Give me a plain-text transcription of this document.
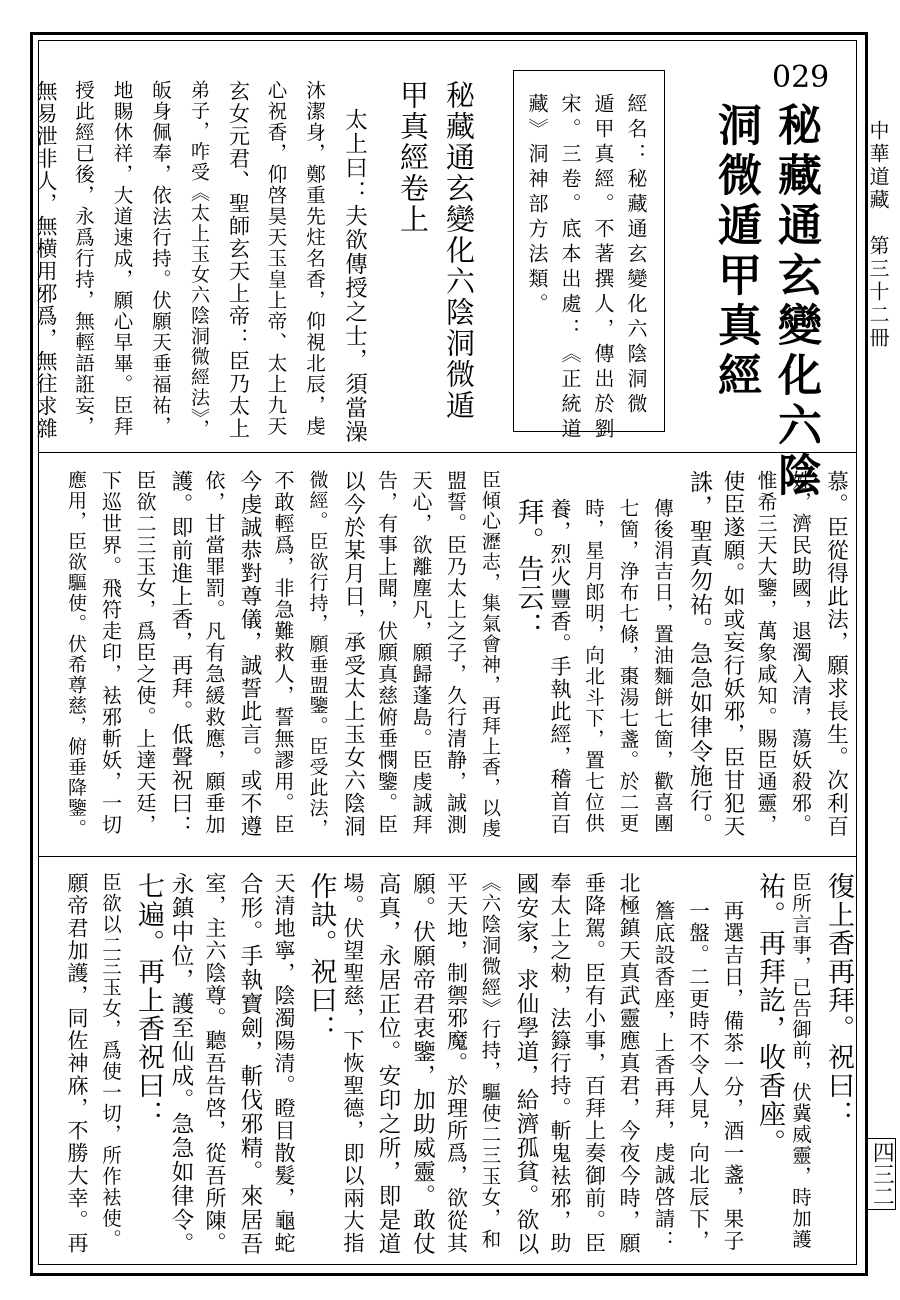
中華道藏　第三十二冊
四三二
029
秘藏通玄變化六陰
洞微遁甲真經
經名：秘藏通玄變化六陰洞微
遁甲真經。不著撰人，傳出於劉
宋。三卷。底本出處：《正統道
藏》洞神部方法類。
秘藏通玄變化六陰洞微遁
甲真經卷上
太上曰：夫欲傳授之士，須當澡
沐潔身，鄭重先炷名香，仰視北辰，虔
心祝香，仰啓昊天玉皇上帝、太上九天
玄女元君、聖師玄天上帝：臣乃太上
弟子，咋受《太上玉女六陰洞微經法》，
皈身佩奉，依法行持。伏願天垂福祐，
地賜休祥，大道速成，願心早畢。臣拜
授此經已後，永爲行持，無輕語誑妄，
無易泄非人，無横用邪爲，無往求雜
慕。臣從得此法，願求長生。次利百
姓，濟民助國，退濁入清，蕩妖殺邪。
惟希三天大鑒，萬象咸知。賜臣通靈，
使臣遂願。如或妄行妖邪，臣甘犯天
誅，聖真勿祐。急急如律令施行。
傳後涓吉日，置油麵餅七箇，歡喜團
七箇，浄布七條，棗湯七盞。於二更
時，星月郎明，向北斗下，置七位供
養，烈火豐香。手執此經，稽首百
拜。告云：
臣傾心瀝志，集氣會神，再拜上香，以虔
盟誓。臣乃太上之子，久行清静，誠測
天心，欲離塵凡，願歸蓬島。臣虔誠拜
告，有事上聞，伏願真慈俯垂憫鑒。臣
以今於某月日，承受太上玉女六陰洞
微經。臣欲行持，願垂盟鑒。臣受此法，
不敢輕爲，非急難救人，誓無謬用。臣
今虔誠恭對尊儀，誠誓此言。或不遵
依，甘當罪罰。凡有急緩救應，願垂加
護。即前進上香，再拜。低聲祝曰：
臣欲二三玉女，爲臣之使。上達天廷，
下巡世界。飛符走印，袪邪斬妖，一切
應用，臣欲驅使。伏希尊慈，俯垂降鑒。
復上香再拜。祝曰：
臣所言事，已告御前，伏冀威靈，時加護
祐。再拜訖，收香座。
再選吉日，備茶一分，酒一盞，果子
一盤。二更時不令人見，向北辰下，
簷底設香座，上香再拜，虔誠啓請：
北極鎮天真武靈應真君，今夜今時，願
垂降駕。臣有小事，百拜上奏御前。臣
奉太上之勑，法籙行持。斬鬼袪邪，助
國安家，求仙學道，給濟孤貧。欲以
《六陰洞微經》行持，驅使二三玉女，和
平天地，制禦邪魔。於理所爲，欲從其
願。伏願帝君衷鑒，加助威靈。敢仗
高真，永居正位。安印之所，即是道
場。伏望聖慈，下恢聖德，即以兩大指
作訣。祝曰：
天清地寧，陰濁陽清。瞪目散髮，龜蛇
合形。手執寶劍，斬伐邪精。來居吾
室，主六陰尊。聽吾告啓，從吾所陳。
永鎮中位，護至仙成。急急如律令。
七遍。再上香祝曰：
臣欲以二三玉女，爲使一切，所作袪使。
願帝君加護，同佐神庥，不勝大幸。再
